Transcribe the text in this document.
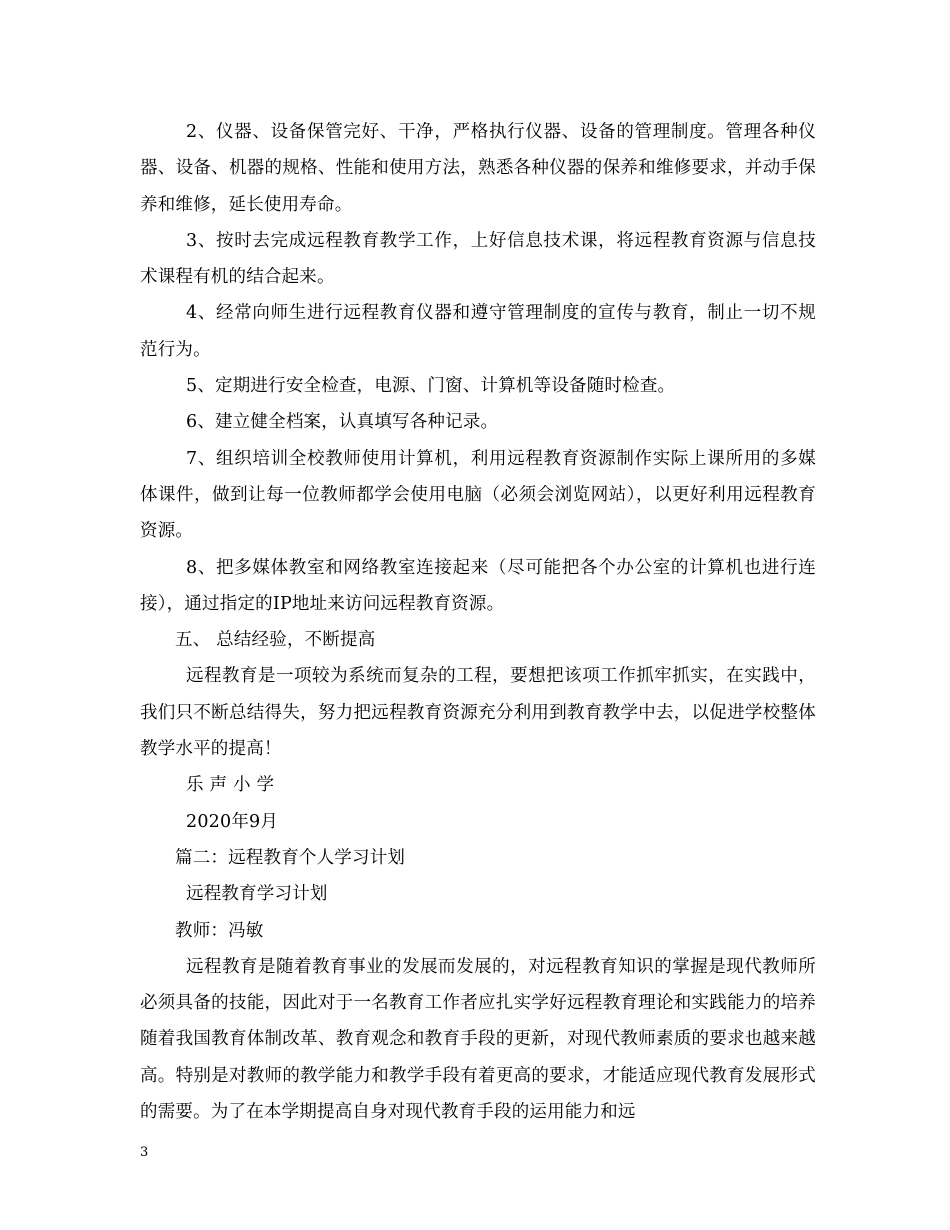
2、仪器、设备保管完好、干净，严格执行仪器、设备的管理制度。管理各种仪器、设备、机器的规格、性能和使用方法，熟悉各种仪器的保养和维修要求，并动手保养和维修，延长使用寿命。

3、按时去完成远程教育教学工作，上好信息技术课，将远程教育资源与信息技术课程有机的结合起来。

4、经常向师生进行远程教育仪器和遵守管理制度的宣传与教育，制止一切不规范行为。

5、定期进行安全检查，电源、门窗、计算机等设备随时检查。

6、建立健全档案，认真填写各种记录。

7、组织培训全校教师使用计算机，利用远程教育资源制作实际上课所用的多媒体课件，做到让每一位教师都学会使用电脑（必须会浏览网站），以更好利用远程教育资源。

8、把多媒体教室和网络教室连接起来（尽可能把各个办公室的计算机也进行连接），通过指定的IP地址来访问远程教育资源。

五、 总结经验，不断提高

远程教育是一项较为系统而复杂的工程，要想把该项工作抓牢抓实，在实践中，我们只不断总结得失，努力把远程教育资源充分利用到教育教学中去，以促进学校整体教学水平的提高！

乐声小学

2020年9月

篇二：远程教育个人学习计划

远程教育学习计划

教师：冯敏

远程教育是随着教育事业的发展而发展的，对远程教育知识的掌握是现代教师所必须具备的技能，因此对于一名教育工作者应扎实学好远程教育理论和实践能力的培养随着我国教育体制改革、教育观念和教育手段的更新，对现代教师素质的要求也越来越高。特别是对教师的教学能力和教学手段有着更高的要求，才能适应现代教育发展形式的需要。为了在本学期提高自身对现代教育手段的运用能力和远

3
